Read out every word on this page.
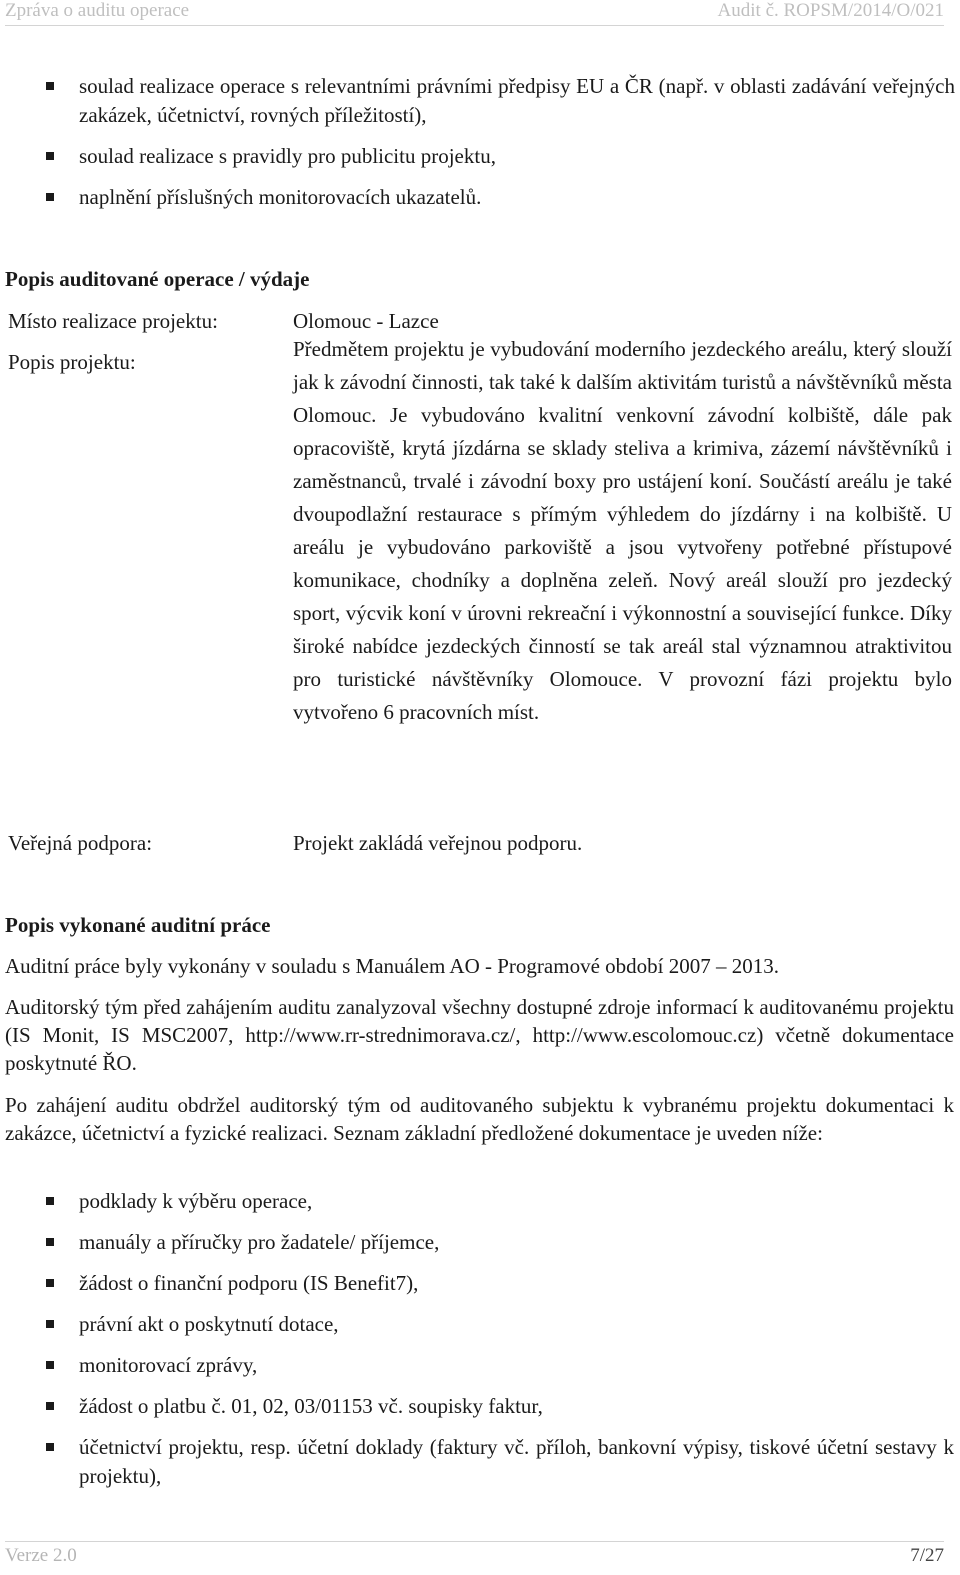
Zpráva o auditu operace	Audit č. ROPSM/2014/O/021
soulad realizace operace s relevantními právními předpisy EU a ČR (např. v oblasti zadávání veřejných zakázek, účetnictví, rovných příležitostí),
soulad realizace s pravidly pro publicitu projektu,
naplnění příslušných monitorovacích ukazatelů.
Popis auditované operace / výdaje
Místo realizace projektu:	Olomouc - Lazce
Popis projektu:
Předmětem projektu je vybudování moderního jezdeckého areálu, který slouží jak k závodní činnosti, tak také k dalším aktivitám turistů a návštěvníků města Olomouc. Je vybudováno kvalitní venkovní závodní kolbiště, dále pak opracoviště, krytá jízdárna se sklady steliva a krimiva, zázemí návštěvníků i zaměstnanců, trvalé i závodní boxy pro ustájení koní. Součástí areálu je také dvoupodlažní restaurace s přímým výhledem do jízdárny i na kolbiště. U areálu je vybudováno parkoviště a jsou vytvořeny potřebné přístupové komunikace, chodníky a doplněna zeleň. Nový areál slouží pro jezdecký sport, výcvik koní v úrovni rekreační i výkonnostní a související funkce. Díky široké nabídce jezdeckých činností se tak areál stal významnou atraktivitou pro turistické návštěvníky Olomouce. V provozní fázi projektu bylo vytvořeno 6 pracovních míst.
Veřejná podpora:	Projekt zakládá veřejnou podporu.
Popis vykonané auditní práce

Auditní práce byly vykonány v souladu s Manuálem AO - Programové období 2007 – 2013.

Auditorský tým před zahájením auditu zanalyzoval všechny dostupné zdroje informací k auditovanému projektu (IS Monit, IS MSC2007, http://www.rr-strednimorava.cz/, http://www.escolomouc.cz) včetně dokumentace poskytnuté ŘO.

Po zahájení auditu obdržel auditorský tým od auditovaného subjektu k vybranému projektu dokumentaci k zakázce, účetnictví a fyzické realizaci. Seznam základní předložené dokumentace je uveden níže:

podklady k výběru operace,
manuály a příručky pro žadatele/ příjemce,
žádost o finanční podporu (IS Benefit7),
právní akt o poskytnutí dotace,
monitorovací zprávy,
žádost o platbu č. 01, 02, 03/01153 vč. soupisky faktur,
účetnictví projektu, resp. účetní doklady (faktury vč. příloh, bankovní výpisy, tiskové účetní sestavy k projektu),
Verze 2.0	7/27
